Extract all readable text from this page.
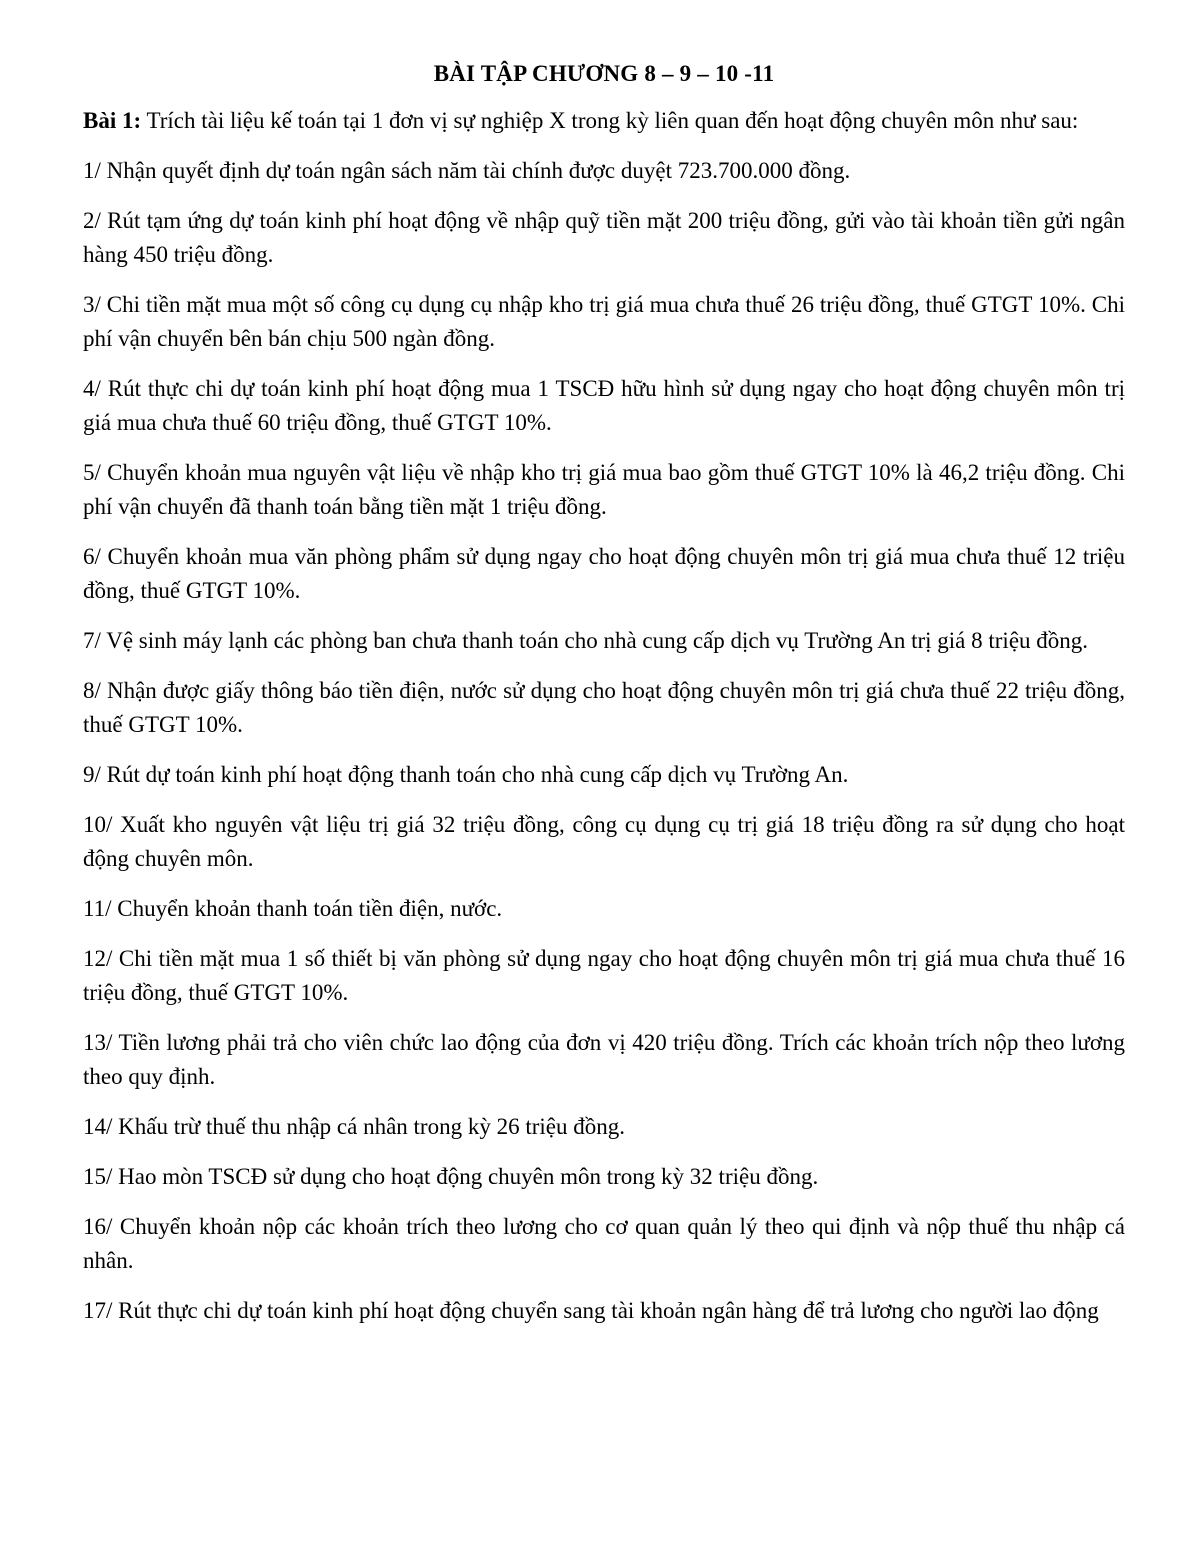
BÀI TẬP CHƯƠNG 8 – 9 – 10 -11

Bài 1: Trích tài liệu kế toán tại 1 đơn vị sự nghiệp X trong kỳ liên quan đến hoạt động chuyên môn như sau:

1/ Nhận quyết định dự toán ngân sách năm tài chính được duyệt 723.700.000 đồng.

2/ Rút tạm ứng dự toán kinh phí hoạt động về nhập quỹ tiền mặt 200 triệu đồng, gửi vào tài khoản tiền gửi ngân hàng 450 triệu đồng.

3/ Chi tiền mặt mua một số công cụ dụng cụ nhập kho trị giá mua chưa thuế 26 triệu đồng, thuế GTGT 10%. Chi phí vận chuyển bên bán chịu 500 ngàn đồng.

4/ Rút thực chi dự toán kinh phí hoạt động mua 1 TSCĐ hữu hình sử dụng ngay cho hoạt động chuyên môn trị giá mua chưa thuế 60 triệu đồng, thuế GTGT 10%.

5/ Chuyển khoản mua nguyên vật liệu về nhập kho trị giá mua bao gồm thuế GTGT 10% là 46,2 triệu đồng. Chi phí vận chuyển đã thanh toán bằng tiền mặt 1 triệu đồng.

6/ Chuyển khoản mua văn phòng phẩm sử dụng ngay cho hoạt động chuyên môn trị giá mua chưa thuế 12 triệu đồng, thuế GTGT 10%.

7/ Vệ sinh máy lạnh các phòng ban chưa thanh toán cho nhà cung cấp dịch vụ Trường An trị giá 8 triệu đồng.

8/ Nhận được giấy thông báo tiền điện, nước sử dụng cho hoạt động chuyên môn trị giá chưa thuế 22 triệu đồng, thuế GTGT 10%.

9/ Rút dự toán kinh phí hoạt động thanh toán cho nhà cung cấp dịch vụ Trường An.

10/ Xuất kho nguyên vật liệu trị giá 32 triệu đồng, công cụ dụng cụ trị giá 18 triệu đồng ra sử dụng cho hoạt động chuyên môn.

11/ Chuyển khoản thanh toán tiền điện, nước.

12/ Chi tiền mặt mua 1 số thiết bị văn phòng sử dụng ngay cho hoạt động chuyên môn trị giá mua chưa thuế 16 triệu đồng, thuế GTGT 10%.

13/ Tiền lương phải trả cho viên chức lao động của đơn vị 420 triệu đồng. Trích các khoản trích nộp theo lương theo quy định.

14/ Khấu trừ thuế thu nhập cá nhân trong kỳ 26 triệu đồng.

15/ Hao mòn TSCĐ sử dụng cho hoạt động chuyên môn trong kỳ 32 triệu đồng.

16/ Chuyển khoản nộp các khoản trích theo lương cho cơ quan quản lý theo qui định và nộp thuế thu nhập cá nhân.

17/ Rút thực chi dự toán kinh phí hoạt động chuyển sang tài khoản ngân hàng để trả lương cho người lao động
